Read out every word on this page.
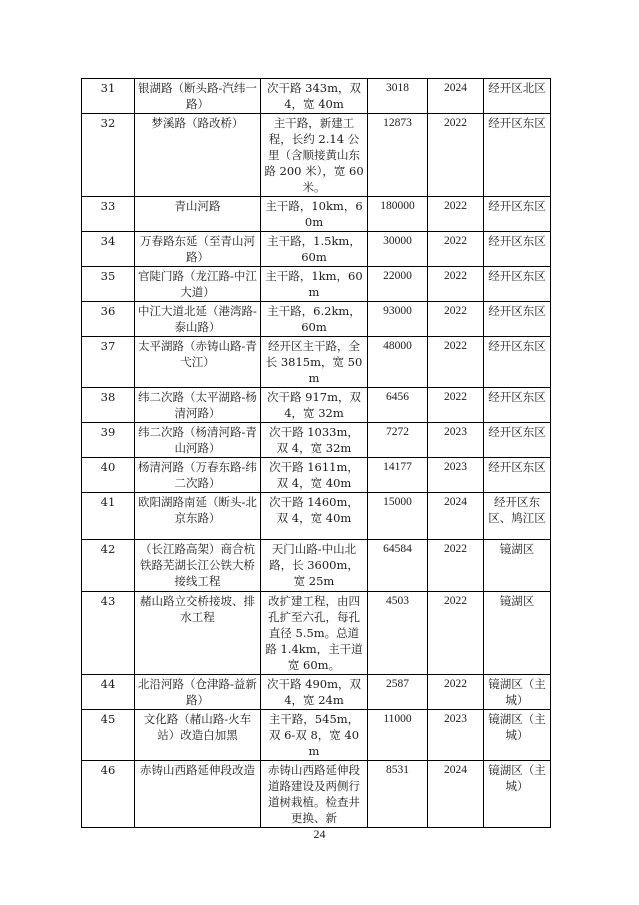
31	银湖路（断头路-汽纬一路）	次干路 343m，双 4，宽 40m	3018	2024	经开区北区
32	梦溪路（路改桥）	主干路，新建工程，长约 2.14 公里（含顺接黄山东路 200 米），宽 60 米。	12873	2022	经开区东区
33	青山河路	主干路，10km，60m	180000	2022	经开区东区
34	万春路东延（至青山河路）	主干路，1.5km，60m	30000	2022	经开区东区
35	官陡门路（龙江路-中江大道）	主干路，1km，60m	22000	2022	经开区东区
36	中江大道北延（港湾路-泰山路）	主干路，6.2km，60m	93000	2022	经开区东区
37	太平湖路（赤铸山路-青弋江）	经开区主干路，全长 3815m，宽 50m	48000	2022	经开区东区
38	纬二次路（太平湖路-杨清河路）	次干路 917m，双 4，宽 32m	6456	2022	经开区东区
39	纬二次路（杨清河路-青山河路）	次干路 1033m，双 4，宽 32m	7272	2023	经开区东区
40	杨清河路（万春东路-纬二次路）	次干路 1611m，双 4，宽 40m	14177	2023	经开区东区
41	欧阳湖路南延（断头-北京东路）	次干路 1460m，双 4，宽 40m	15000	2024	经开区东区、鸠江区
42	（长江路高架）商合杭铁路芜湖长江公铁大桥接线工程	天门山路-中山北路，长 3600m，宽 25m	64584	2022	镜湖区
43	赭山路立交桥接坡、排水工程	改扩建工程，由四孔扩至六孔，每孔直径 5.5m。总道路 1.4km，主干道宽 60m。	4503	2022	镜湖区
44	北沿河路（仓津路-益新路）	次干路 490m，双 4，宽 24m	2587	2022	镜湖区（主城）
45	文化路（赭山路-火车站）改造白加黑	主干路，545m，双 6-双 8，宽 40m	11000	2023	镜湖区（主城）
46	赤铸山西路延伸段改造	赤铸山西路延伸段道路建设及两侧行道树栽植。检查井更换、新	8531	2024	镜湖区（主城）
24
